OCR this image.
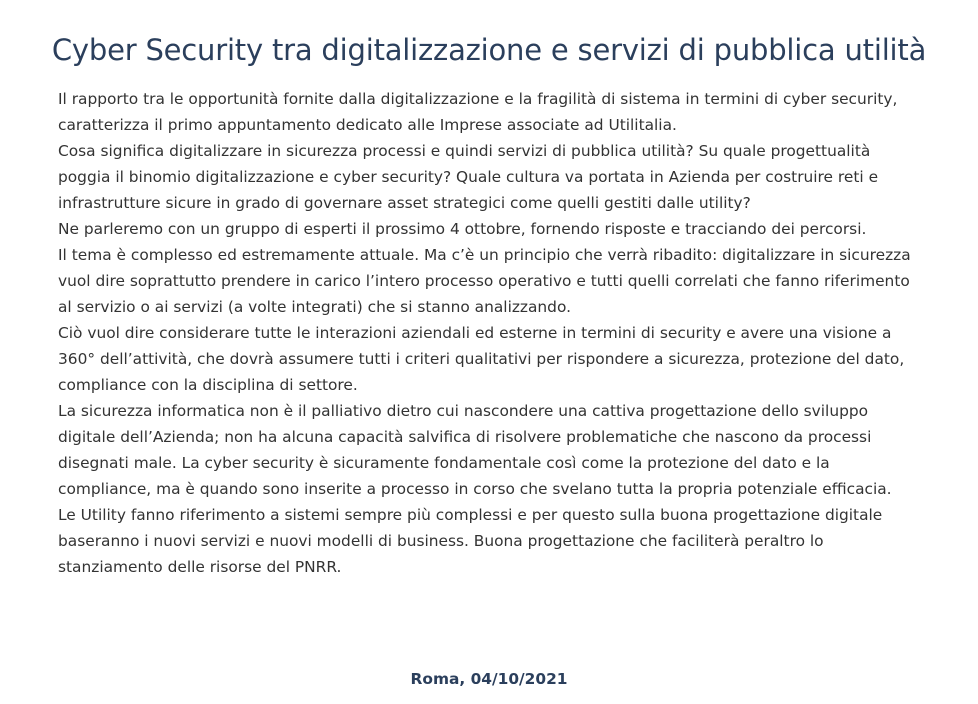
Cyber Security tra digitalizzazione e servizi di pubblica utilità

Il rapporto tra le opportunità fornite dalla digitalizzazione e la fragilità di sistema in termini di cyber security, caratterizza il primo appuntamento dedicato alle Imprese associate ad Utilitalia.

Cosa significa digitalizzare in sicurezza processi e quindi servizi di pubblica utilità? Su quale progettualità poggia il binomio digitalizzazione e cyber security? Quale cultura va portata in Azienda per costruire reti e infrastrutture sicure in grado di governare asset strategici come quelli gestiti dalle utility?

Ne parleremo con un gruppo di esperti il prossimo 4 ottobre, fornendo risposte e tracciando dei percorsi.

Il tema è complesso ed estremamente attuale. Ma c’è un principio che verrà ribadito: digitalizzare in sicurezza vuol dire soprattutto prendere in carico l’intero processo operativo e tutti quelli correlati che fanno riferimento al servizio o ai servizi (a volte integrati) che si stanno analizzando.

Ciò vuol dire considerare tutte le interazioni aziendali ed esterne in termini di security e avere una visione a 360° dell’attività, che dovrà assumere tutti i criteri qualitativi per rispondere a sicurezza, protezione del dato, compliance con la disciplina di settore.

La sicurezza informatica non è il palliativo dietro cui nascondere una cattiva progettazione dello sviluppo digitale dell’Azienda; non ha alcuna capacità salvifica di risolvere problematiche che nascono da processi disegnati male. La cyber security è sicuramente fondamentale così come la protezione del dato e la compliance, ma è quando sono inserite a processo in corso che svelano tutta la propria potenziale efficacia.

Le Utility fanno riferimento a sistemi sempre più complessi e per questo sulla buona progettazione digitale baseranno i nuovi servizi e nuovi modelli di business. Buona progettazione che faciliterà peraltro lo stanziamento delle risorse del PNRR.

Roma, 04/10/2021
